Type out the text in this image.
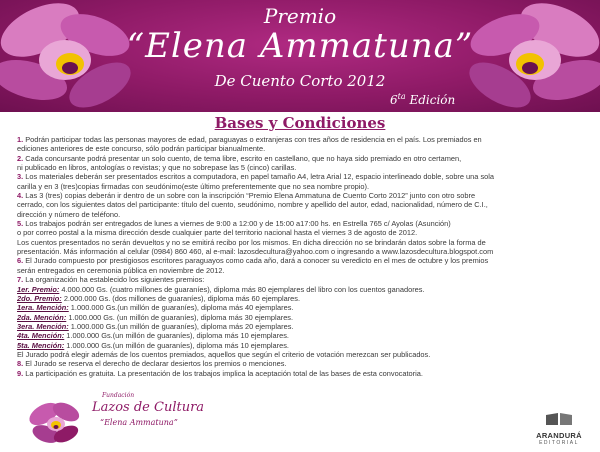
Premio
“Elena Ammatuna”
De Cuento Corto 2012
$6^{ta}$ Edición
Bases y Condiciones
1. Podrán participar todas las personas mayores de edad, paraguayas o extranjeras con tres años de residencia en el país. Los premiados en
ediciones anteriores de este concurso, sólo podrán participar bianualmente.
2. Cada concursante podrá presentar un solo cuento, de tema libre, escrito en castellano, que no haya sido premiado en otro certamen,
ni publicado en libros, antologías o revistas; y que no sobrepase las 5 (cinco) carillas.
3. Los materiales deberán ser presentados escritos a computadora, en papel tamaño A4, letra Arial 12, espacio interlineado doble, sobre una sola
carilla y en 3 (tres)copias firmadas con seudónimo(este último preferentemente que no sea nombre propio).
4. Las 3 (tres) copias deberán ir dentro de un sobre con la inscripción “Premio Elena Ammatuna de Cuento Corto 2012” junto con otro sobre
cerrado, con los siguientes datos del participante: título del cuento, seudónimo, nombre y apellido del autor, edad, nacionalidad, número de C.I.,
dirección y número de teléfono.
5. Los trabajos podrán ser entregados de lunes a viernes de 9:00 a 12:00 y de 15:00 a17:00 hs. en Estrella 765 c/ Ayolas (Asunción)
o por correo postal a la misma dirección desde cualquier parte del territorio nacional hasta el viernes 3 de agosto de 2012.
Los cuentos presentados no serán devueltos y no se emitirá recibo por los mismos. En dicha dirección no se brindarán datos sobre la forma de
presentación. Más información al celular (0984) 860 460, al e-mail: lazosdecultura@yahoo.com o ingresando a www.lazosdecultura.blogspot.com
6. El Jurado compuesto por prestigiosos escritores paraguayos como cada año, dará a conocer su veredicto en el mes de octubre y los premios
serán entregados en ceremonia pública en noviembre de 2012.
7. La organización ha establecido los siguientes premios:
1er. Premio: 4.000.000 Gs. (cuatro millones de guaraníes), diploma más 80 ejemplares del libro con los cuentos ganadores.
2do. Premio: 2.000.000 Gs. (dos millones de guaraníes), diploma más 60 ejemplares.
1era. Mención: 1.000.000 Gs.(un millón de guaraníes), diploma más 40 ejemplares.
2da. Mención: 1.000.000 Gs. (un millón de guaraníes), diploma más 30 ejemplares.
3era. Mención: 1.000.000 Gs.(un millón de guaraníes), diploma más 20 ejemplares.
4ta. Mención: 1.000.000 Gs.(un millón de guaraníes), diploma más 10 ejemplares.
5ta. Mención: 1.000.000 Gs.(un millón de guaraníes), diploma más 10 ejemplares.
El Jurado podrá elegir además de los cuentos premiados, aquellos que según el criterio de votación merezcan ser publicados.
8. El Jurado se reserva el derecho de declarar desiertos los premios o menciones.
9. La participación es gratuita. La presentación de los trabajos implica la aceptación total de las bases de esta convocatoria.
Fundación
Lazos de Cultura
“Elena Ammatuna”
ARANDURÁ
EDITORIAL
